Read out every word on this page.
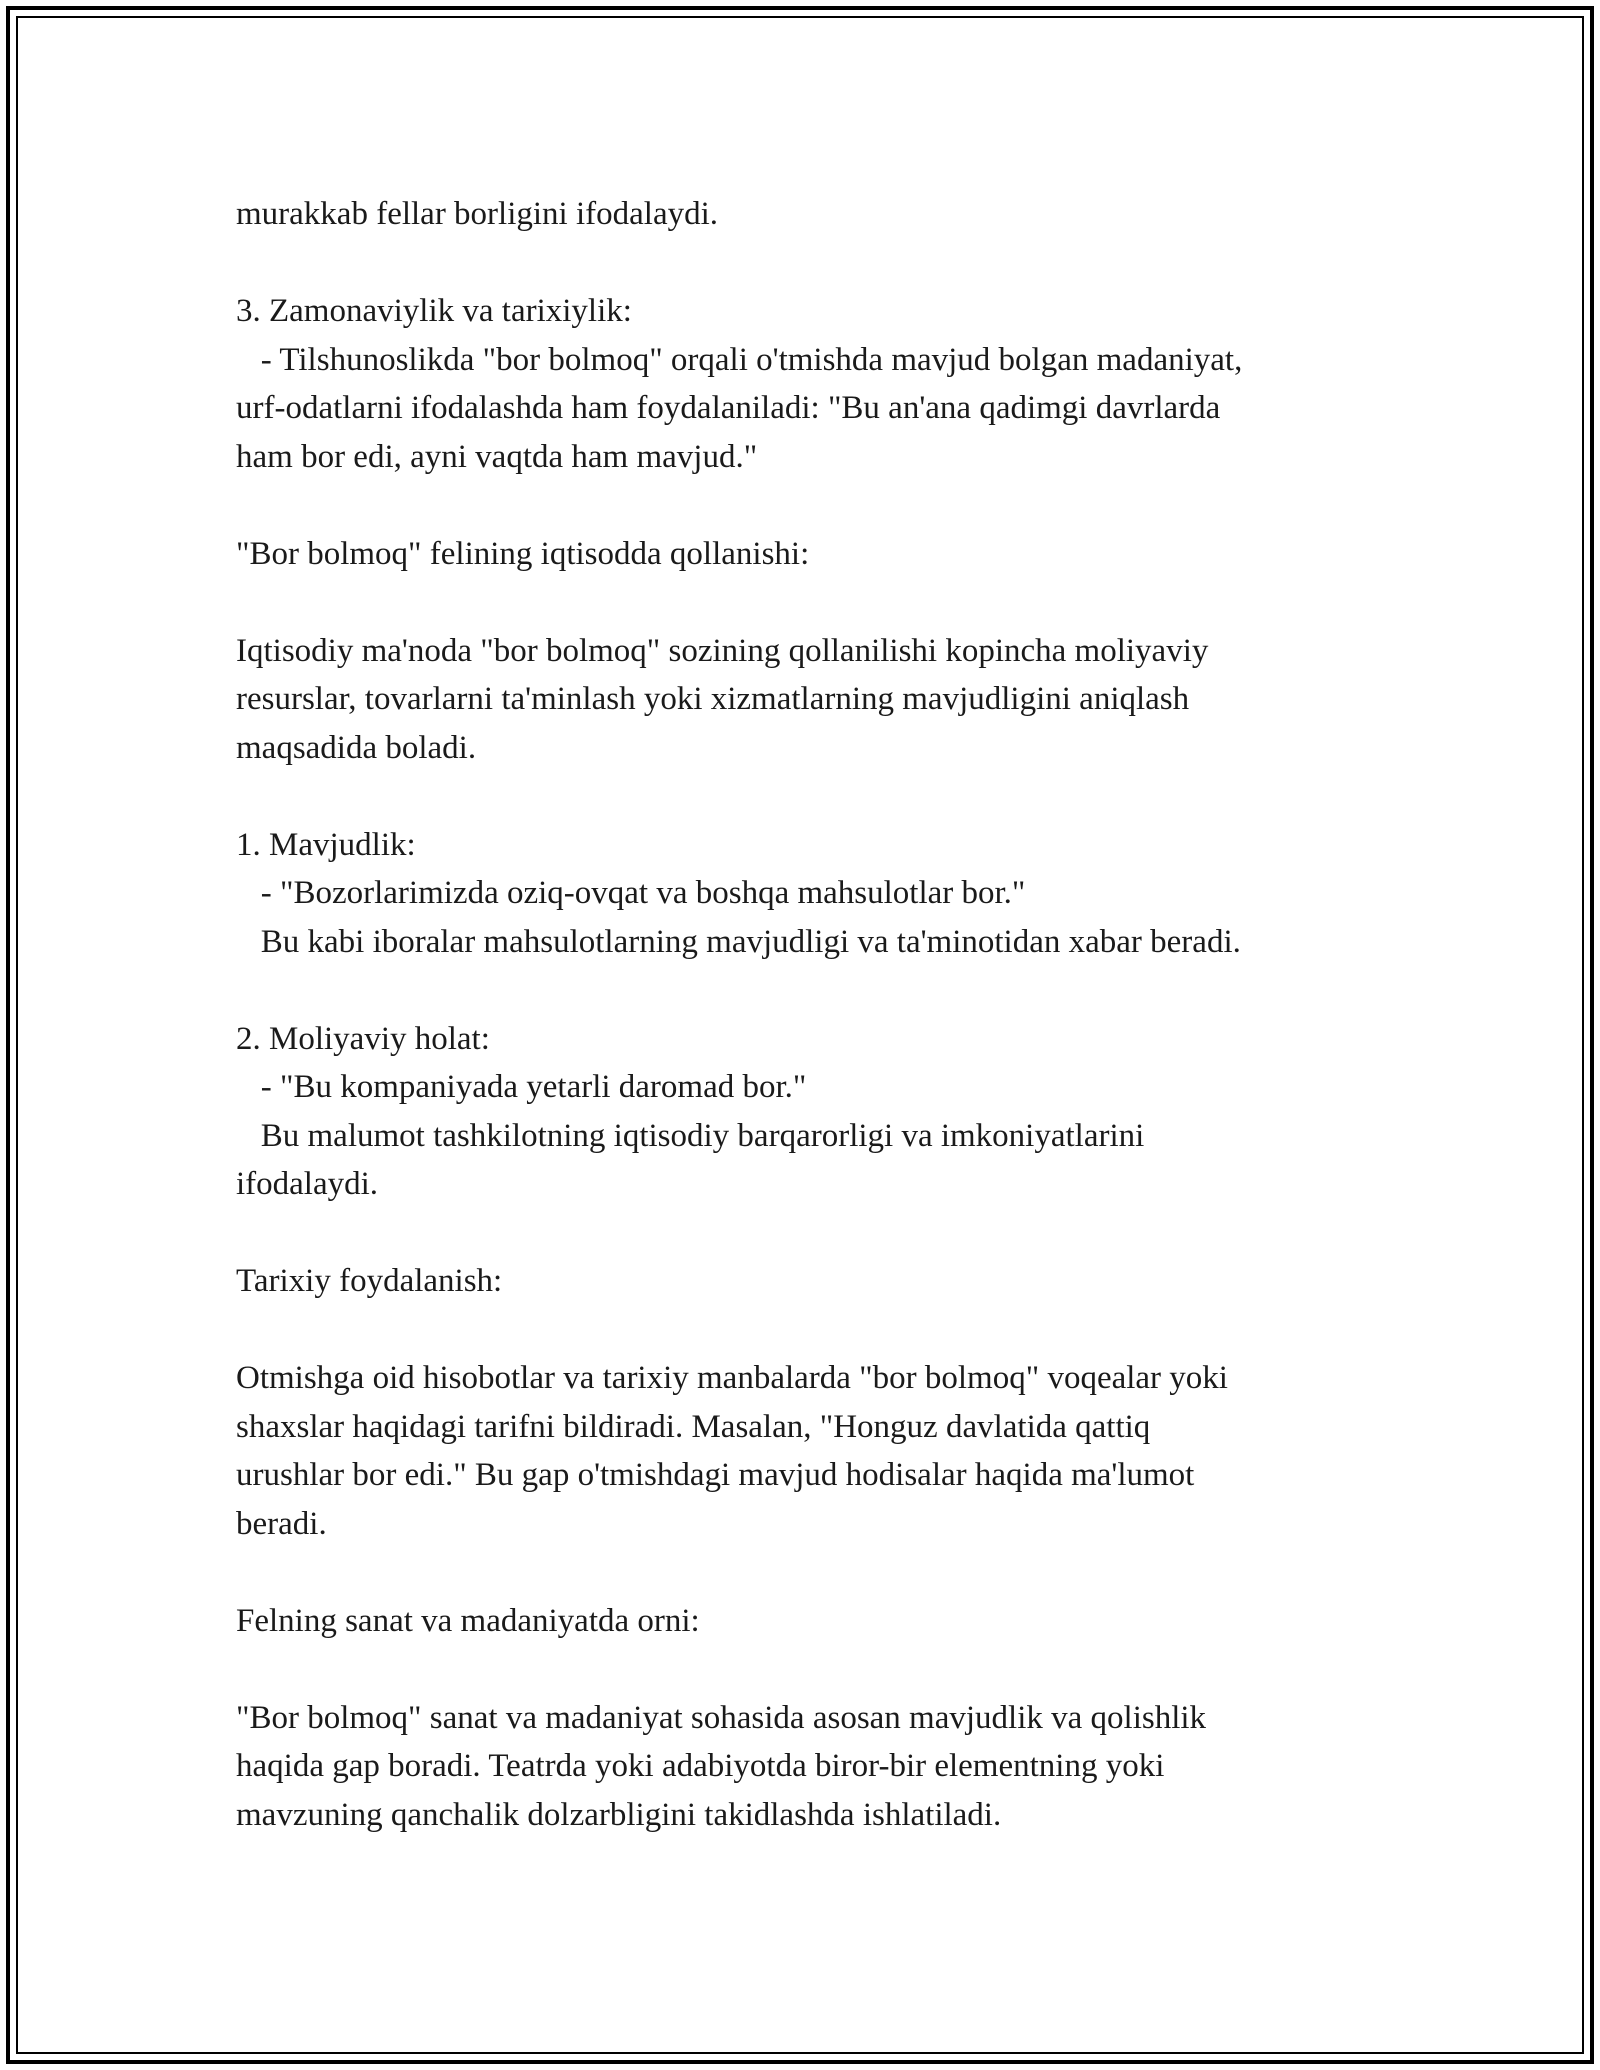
murakkab fellar borligini ifodalaydi.
3. Zamonaviylik va tarixiylik:
- Tilshunoslikda "bor bolmoq" orqali o'tmishda mavjud bolgan madaniyat,
urf-odatlarni ifodalashda ham foydalaniladi: "Bu an'ana qadimgi davrlarda
ham bor edi, ayni vaqtda ham mavjud."
"Bor bolmoq" felining iqtisodda qollanishi:
Iqtisodiy ma'noda "bor bolmoq" sozining qollanilishi kopincha moliyaviy
resurslar, tovarlarni ta'minlash yoki xizmatlarning mavjudligini aniqlash
maqsadida boladi.
1. Mavjudlik:
- "Bozorlarimizda oziq-ovqat va boshqa mahsulotlar bor."
Bu kabi iboralar mahsulotlarning mavjudligi va ta'minotidan xabar beradi.
2. Moliyaviy holat:
- "Bu kompaniyada yetarli daromad bor."
Bu malumot tashkilotning iqtisodiy barqarorligi va imkoniyatlarini
ifodalaydi.
Tarixiy foydalanish:
Otmishga oid hisobotlar va tarixiy manbalarda "bor bolmoq" voqealar yoki
shaxslar haqidagi tarifni bildiradi. Masalan, "Honguz davlatida qattiq
urushlar bor edi." Bu gap o'tmishdagi mavjud hodisalar haqida ma'lumot
beradi.
Felning sanat va madaniyatda orni:
"Bor bolmoq" sanat va madaniyat sohasida asosan mavjudlik va qolishlik
haqida gap boradi. Teatrda yoki adabiyotda biror-bir elementning yoki
mavzuning qanchalik dolzarbligini takidlashda ishlatiladi.
